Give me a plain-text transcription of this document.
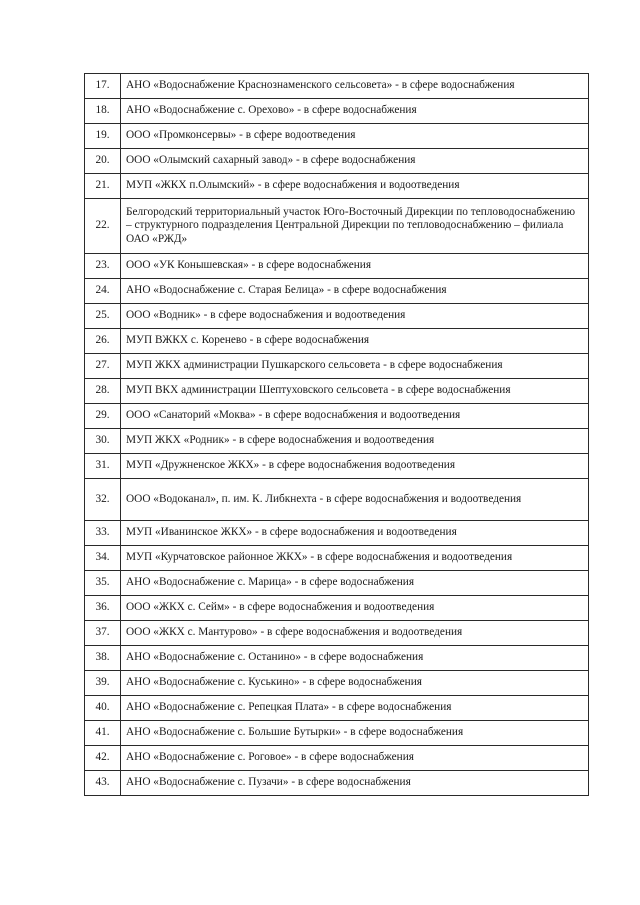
17.	АНО «Водоснабжение Краснознаменского сельсовета» - в сфере водоснабжения
18.	АНО «Водоснабжение с. Орехово» - в сфере водоснабжения
19.	ООО «Промконсервы» - в сфере водоотведения
20.	ООО «Олымский сахарный завод» - в сфере водоснабжения
21.	МУП «ЖКХ п.Олымский» - в сфере водоснабжения и водоотведения
22.	Белгородский территориальный участок Юго-Восточный Дирекции по тепловодоснабжению – структурного подразделения Центральной Дирекции по тепловодоснабжению – филиала ОАО «РЖД»
23.	ООО «УК Конышевская» - в сфере водоснабжения
24.	АНО «Водоснабжение с. Старая Белица» - в сфере водоснабжения
25.	ООО «Водник» - в сфере водоснабжения и водоотведения
26.	МУП ВЖКХ с. Коренево - в сфере водоснабжения
27.	МУП ЖКХ администрации Пушкарского сельсовета - в сфере водоснабжения
28.	МУП ВКХ администрации Шептуховского сельсовета - в сфере водоснабжения
29.	ООО «Санаторий «Моква» - в сфере водоснабжения и водоотведения
30.	МУП ЖКХ «Родник» - в сфере водоснабжения и водоотведения
31.	МУП «Дружненское ЖКХ» - в сфере водоснабжения водоотведения
32.	ООО «Водоканал», п. им. К. Либкнехта - в сфере водоснабжения и водоотведения
33.	МУП «Иванинское ЖКХ» - в сфере водоснабжения и водоотведения
34.	МУП «Курчатовское районное ЖКХ» - в сфере водоснабжения и водоотведения
35.	АНО «Водоснабжение с. Марица» - в сфере водоснабжения
36.	ООО «ЖКХ с. Сейм» - в сфере водоснабжения и водоотведения
37.	ООО «ЖКХ с. Мантурово» - в сфере водоснабжения и водоотведения
38.	АНО «Водоснабжение с. Останино» - в сфере водоснабжения
39.	АНО «Водоснабжение с. Куськино» - в сфере водоснабжения
40.	АНО «Водоснабжение с. Репецкая Плата» - в сфере водоснабжения
41.	АНО «Водоснабжение с. Большие Бутырки» - в сфере водоснабжения
42.	АНО «Водоснабжение с. Роговое» - в сфере водоснабжения
43.	АНО «Водоснабжение с. Пузачи» - в сфере водоснабжения
